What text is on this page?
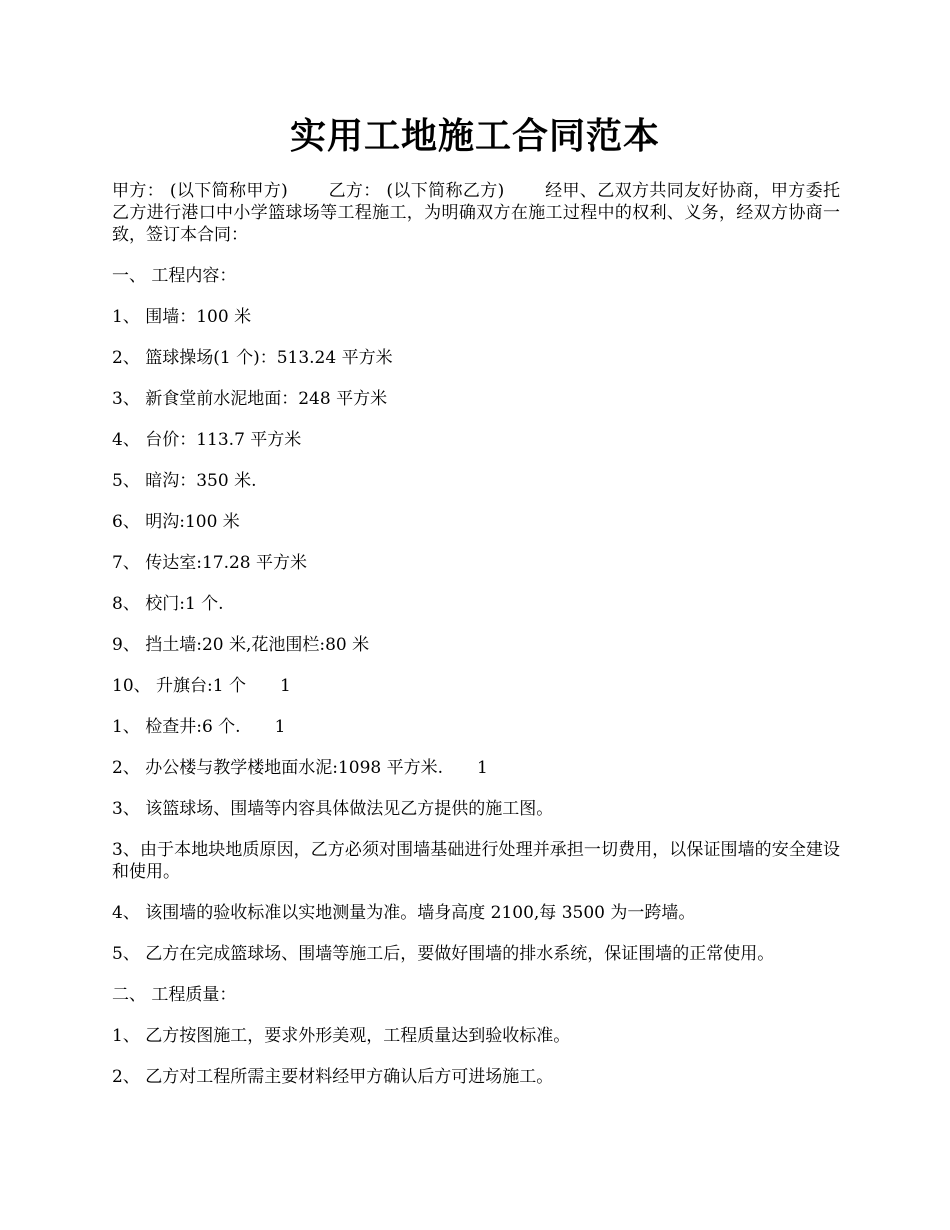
实用工地施工合同范本

甲方： (以下简称甲方)　　 乙方： (以下简称乙方)　　 经甲、乙双方共同友好协商，甲方委托乙方进行港口中小学篮球场等工程施工，为明确双方在施工过程中的权利、义务，经双方协商一致，签订本合同：

一、 工程内容：

1、 围墙：100 米

2、 篮球操场(1 个)：513.24 平方米

3、 新食堂前水泥地面：248 平方米

4、 台价：113.7 平方米

5、 暗沟：350 米.

6、 明沟:100 米

7、 传达室:17.28 平方米

8、 校门:1 个.

9、 挡土墙:20 米,花池围栏:80 米

10、 升旗台:1 个　　1

1、 检查井:6 个.　　1

2、 办公楼与教学楼地面水泥:1098 平方米.　　1

3、 该篮球场、围墙等内容具体做法见乙方提供的施工图。

3、由于本地块地质原因，乙方必须对围墙基础进行处理并承担一切费用，以保证围墙的安全建设和使用。

4、 该围墙的验收标准以实地测量为准。墙身高度 2100,每 3500 为一跨墙。

5、 乙方在完成篮球场、围墙等施工后，要做好围墙的排水系统，保证围墙的正常使用。

二、 工程质量：

1、 乙方按图施工，要求外形美观，工程质量达到验收标准。

2、 乙方对工程所需主要材料经甲方确认后方可进场施工。
